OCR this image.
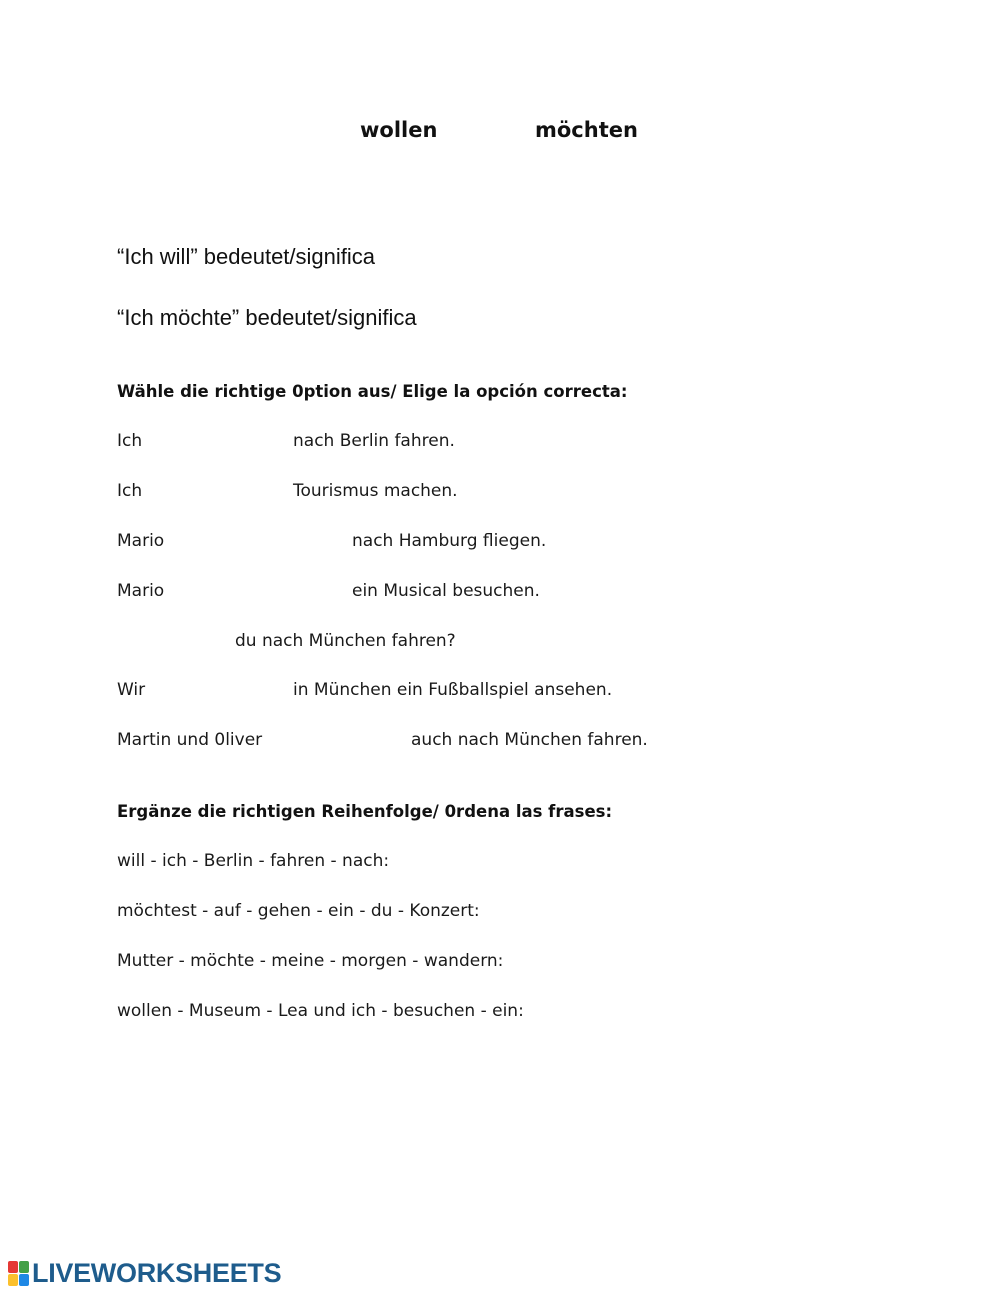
wollen	möchten
“Ich will” bedeutet/significa
“Ich möchte” bedeutet/significa
Wähle die richtige 0ption aus/ Elige la opción correcta:
Ich	nach Berlin fahren.
Ich	Tourismus machen.
Mario	nach Hamburg fliegen.
Mario	ein Musical besuchen.
du nach München fahren?
Wir	in München ein Fußballspiel ansehen.
Martin und 0liver	auch nach München fahren.
Ergänze die richtigen Reihenfolge/ 0rdena las frases:
will - ich - Berlin - fahren - nach:
möchtest - auf - gehen - ein - du - Konzert:
Mutter - möchte - meine - morgen - wandern:
wollen - Museum - Lea und ich - besuchen - ein:
LIVEWORKSHEETS
